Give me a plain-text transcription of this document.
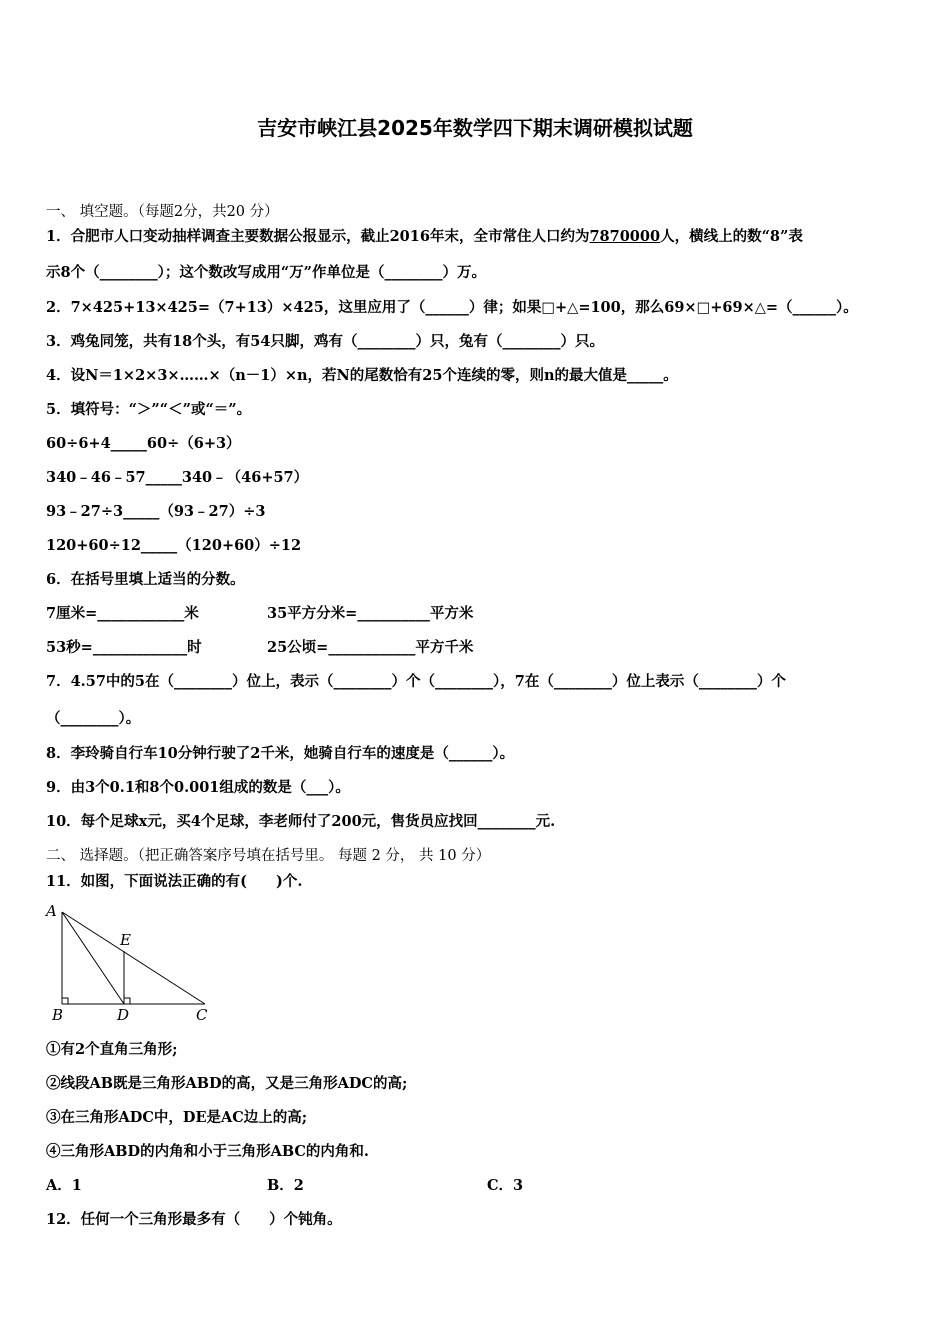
吉安市峡江县2025年数学四下期末调研模拟试题
一、 填空题。（每题2分，共20 分）
1．合肥市人口变动抽样调查主要数据公报显示，截止2016年末，全市常住人口约为7870000人，横线上的数“8”表
示8个（________）；这个数改写成用“万”作单位是（________）万。
2．7×425+13×425=（7+13）×425，这里应用了（______）律；如果□+△=100，那么69×□+69×△=（______）。
3．鸡兔同笼，共有18个头，有54只脚，鸡有（________）只，兔有（________）只。
4．设N＝1×2×3×……×（n－1）×n，若N的尾数恰有25个连续的零，则n的最大值是_____。
5．填符号：“＞”“＜”或“＝”。
60÷6+4_____60÷（6+3）
340﹣46﹣57_____340﹣（46+57）
93﹣27÷3_____（93﹣27）÷3
120+60÷12_____（120+60）÷12
6．在括号里填上适当的分数。
7厘米=____________米	35平方分米=__________平方米
53秒=_____________时	25公顷=____________平方千米
7．4.57中的5在（________）位上，表示（________）个（________），7在（________）位上表示（________）个
（________）。
8．李玲骑自行车10分钟行驶了2千米，她骑自行车的速度是（______）。
9．由3个0.1和8个0.001组成的数是（___）。
10．每个足球x元，买4个足球，李老师付了200元，售货员应找回________元.
二、 选择题。（把正确答案序号填在括号里。 每题 2 分， 共 10 分）
11．如图，下面说法正确的有(　　)个.
A
B	D	C
E
①有2个直角三角形;
②线段AB既是三角形ABD的高，又是三角形ADC的高;
③在三角形ADC中，DE是AC边上的高;
④三角形ABD的内角和小于三角形ABC的内角和.
A．1	B．2	C．3
12．任何一个三角形最多有（　　）个钝角。
